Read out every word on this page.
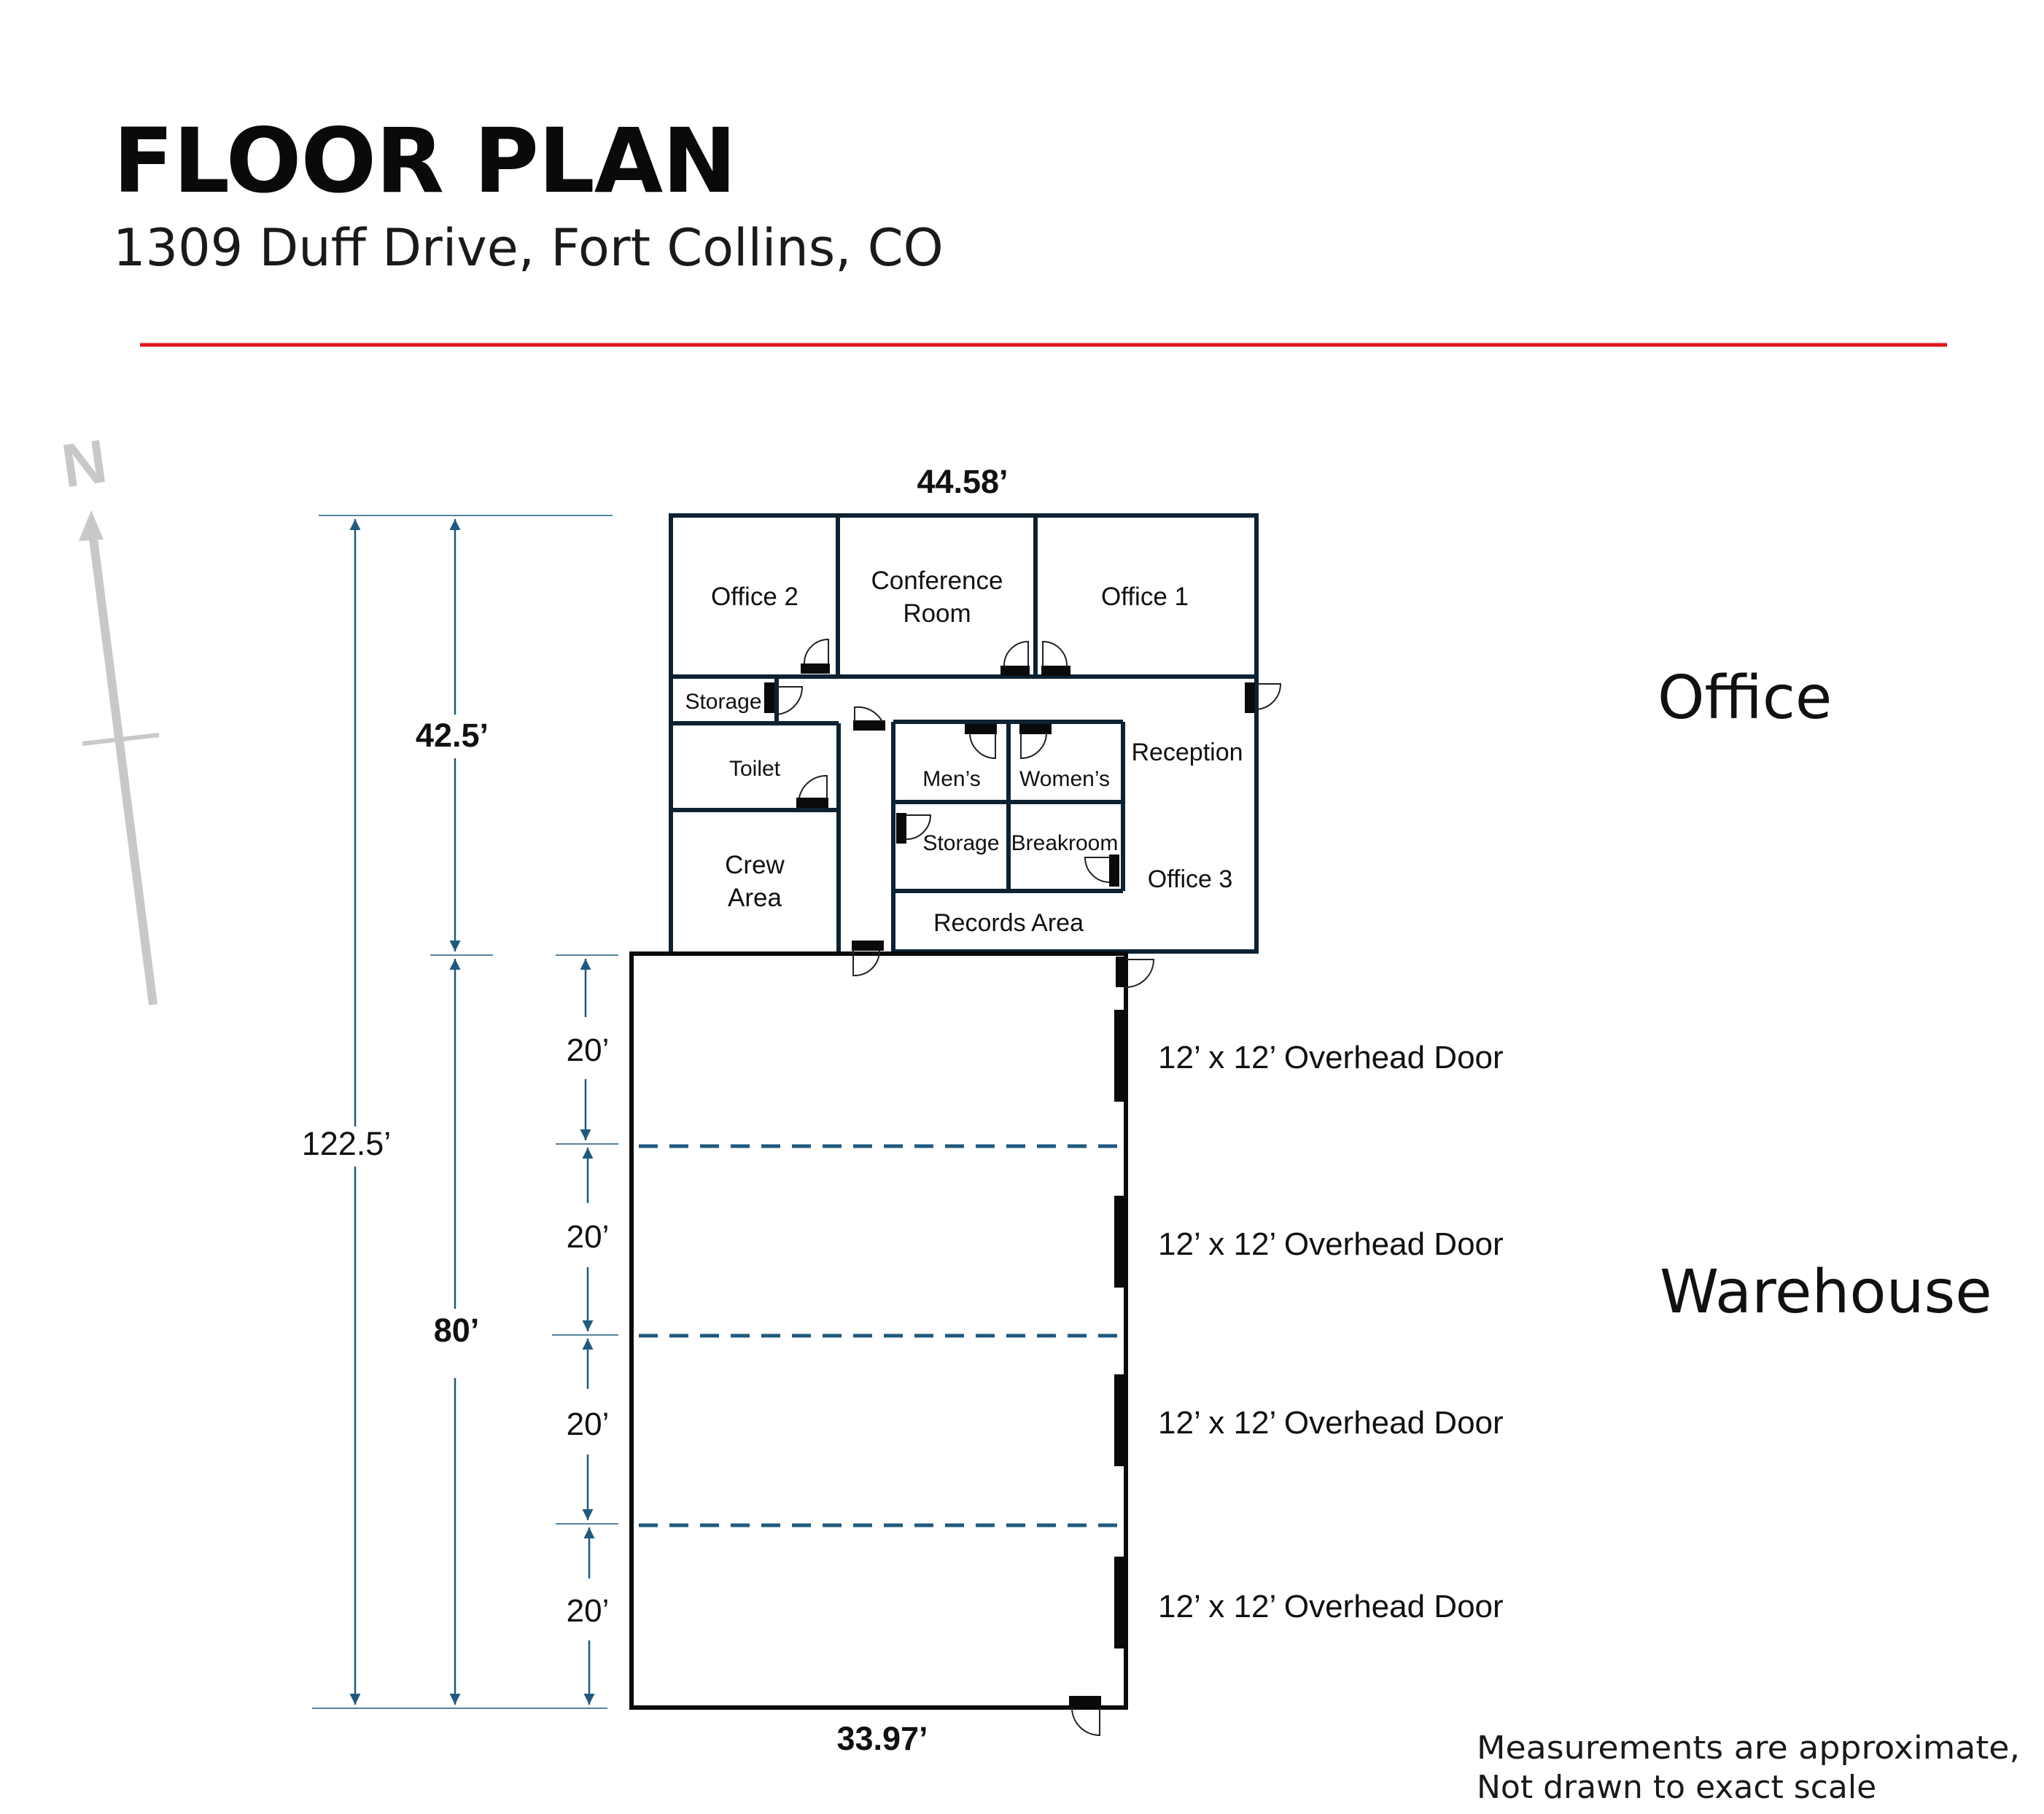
FLOOR PLAN

1309 Duff Drive, Fort Collins, CO

N
122.5’
42.5’
80’
20’
20’
20’
20’
44.58’
33.97’
Office 2
Conference
Room
Office 1
Storage
Toilet	Men’s Women’s
Reception
Storage Breakroom
Office 3
Crew
Area
Records Area
12’ x 12’ Overhead Door
12’ x 12’ Overhead Door
12’ x 12’ Overhead Door
12’ x 12’ Overhead Door
Office
Warehouse
Measurements are approximate,
Not drawn to exact scale
